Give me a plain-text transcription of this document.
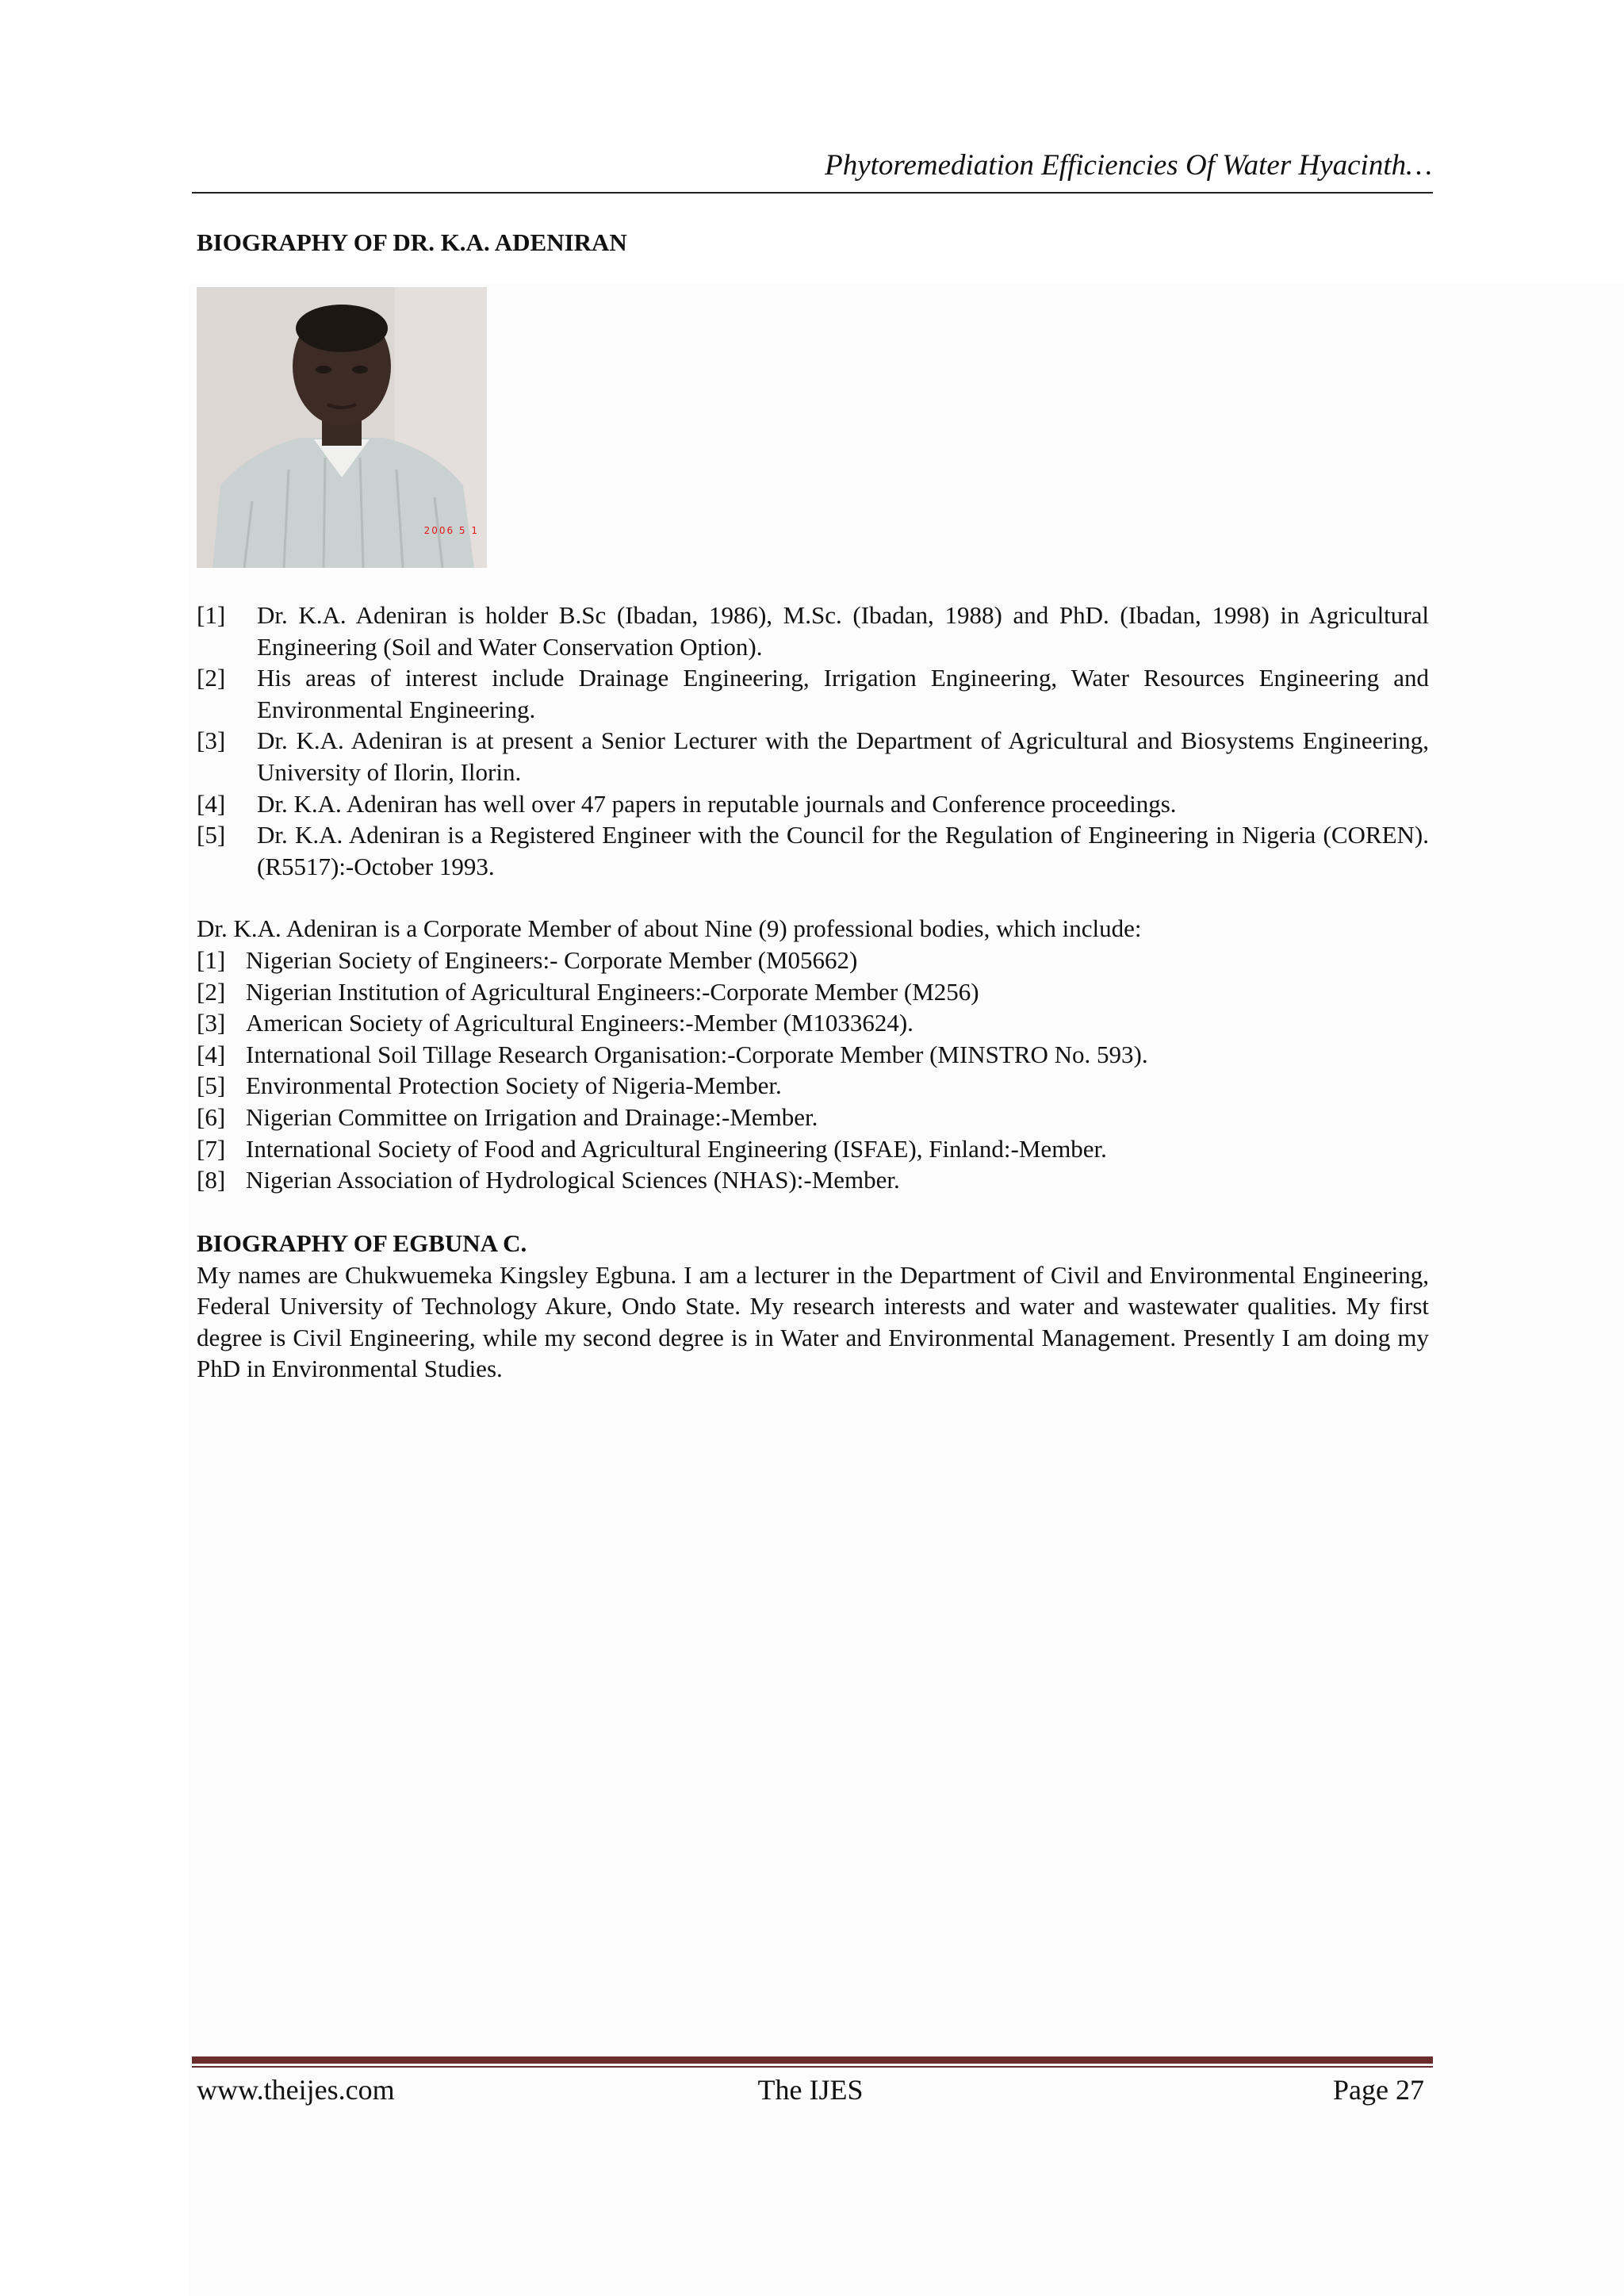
Phytoremediation Efficiencies Of Water Hyacinth…
BIOGRAPHY OF DR. K.A. ADENIRAN
2006 5 1
[1]	Dr. K.A. Adeniran is holder B.Sc (Ibadan, 1986), M.Sc. (Ibadan, 1988) and PhD. (Ibadan, 1998) in Agricultural Engineering (Soil and Water Conservation Option).
[2]	His areas of interest include Drainage Engineering, Irrigation Engineering, Water Resources Engineering and Environmental Engineering.
[3]	Dr. K.A. Adeniran is at present a Senior Lecturer with the Department of Agricultural and Biosystems Engineering, University of Ilorin, Ilorin.
[4]	Dr. K.A. Adeniran has well over 47 papers in reputable journals and Conference proceedings.
[5]	Dr. K.A. Adeniran is a Registered Engineer with the Council for the Regulation of Engineering in Nigeria (COREN). (R5517):-October 1993.
Dr. K.A. Adeniran is a Corporate Member of about Nine (9) professional bodies, which include:
[1] Nigerian Society of Engineers:- Corporate Member (M05662)
[2] Nigerian Institution of Agricultural Engineers:-Corporate Member (M256)
[3] American Society of Agricultural Engineers:-Member (M1033624).
[4] International Soil Tillage Research Organisation:-Corporate Member (MINSTRO No. 593).
[5] Environmental Protection Society of Nigeria-Member.
[6] Nigerian Committee on Irrigation and Drainage:-Member.
[7] International Society of Food and Agricultural Engineering (ISFAE), Finland:-Member.
[8] Nigerian Association of Hydrological Sciences (NHAS):-Member.
BIOGRAPHY OF EGBUNA C.

My names are Chukwuemeka Kingsley Egbuna. I am a lecturer in the Department of Civil and Environmental Engineering, Federal University of Technology Akure, Ondo State. My research interests and water and wastewater qualities. My first degree is Civil Engineering, while my second degree is in Water and Environmental Management. Presently I am doing my PhD in Environmental Studies.

www.theijes.com	The IJES	Page 27
